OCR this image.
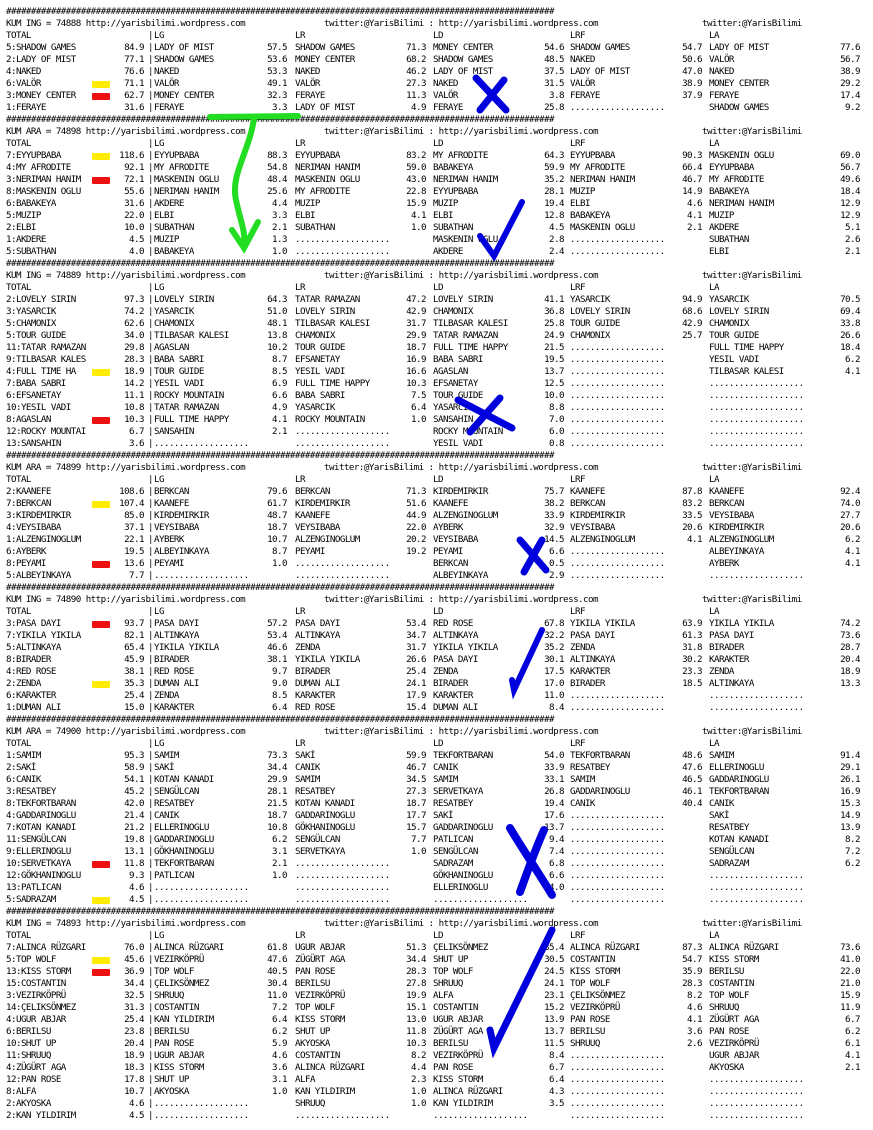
##############################################################################################################
KUM ING = 74888 http://yarisbilimi.wordpress.com	twitter:@YarisBilimi : http://yarisbilimi.wordpress.com	twitter:@YarisBilimi
TOTAL	LG	LR	LD	LRF	LA
|
5:SHADOW GAMES	84.9 LADY OF MIST	57.5 SHADOW GAMES	71.3 MONEY CENTER	54.6 SHADOW GAMES	54.7 LADY OF MIST	77.6
|
2:LADY OF MIST	77.1 SHADOW GAMES	53.6 MONEY CENTER	68.2 SHADOW GAMES	48.5 NAKED	50.6 VALÖR	56.7
|
4:NAKED	76.6 NAKED	53.3 NAKED	46.2 LADY OF MIST	37.5 LADY OF MIST	47.0 NAKED	38.9
|
6:VALÖR	71.1 VALÖR	49.1 VALÖR	27.3 NAKED	31.5 VALÖR	38.9 MONEY CENTER	29.2
|
3:MONEY CENTER	62.7 MONEY CENTER	32.3 FERAYE	11.3 VALÖR	3.8 FERAYE	37.9 FERAYE	17.4
|
1:FERAYE	31.6 FERAYE	3.3 LADY OF MIST	4.9 FERAYE	25.8 ...................	SHADOW GAMES	9.2
|
##############################################################################################################
KUM ARA = 74898 http://yarisbilimi.wordpress.com	twitter:@YarisBilimi : http://yarisbilimi.wordpress.com	twitter:@YarisBilimi
TOTAL	LG	LR	LD	LRF	LA
|
7:EYYUPBABA	118.6 EYYUPBABA	88.3 EYYUPBABA	83.2 MY AFRODITE	64.3 EYYUPBABA	90.3 MASKENIN OGLU	69.0
|
4:MY AFRODITE	92.1 MY AFRODITE	54.8 NERIMAN HANIM	59.0 BABAKEYA	59.9 MY AFRODITE	66.4 EYYUPBABA	56.7
|
3:NERIMAN HANIM	72.1 MASKENIN OGLU	48.4 MASKENIN OGLU	43.0 NERIMAN HANIM	35.2 NERIMAN HANIM	46.7 MY AFRODITE	49.6
|
8:MASKENIN OGLU	55.6 NERIMAN HANIM	25.6 MY AFRODITE	22.8 EYYUPBABA	28.1 MUZIP	14.9 BABAKEYA	18.4
|
6:BABAKEYA	31.6 AKDERE	4.4 MUZIP	15.9 MUZIP	19.4 ELBI	4.6 NERIMAN HANIM	12.9
|
5:MUZIP	22.0 ELBI	3.3 ELBI	4.1 ELBI	12.8 BABAKEYA	4.1 MUZIP	12.9
|
2:ELBI	10.0 SUBATHAN	2.1 SUBATHAN	1.0 SUBATHAN	4.5 MASKENIN OGLU	2.1 AKDERE	5.1
|
1:AKDERE	4.5 MUZIP	1.3 ...................	MASKENIN OGLU	2.8 ...................	SUBATHAN	2.6
|
5:SUBATHAN	4.0 BABAKEYA	1.0 ...................	AKDERE	2.4 ...................	ELBI	2.1
|
##############################################################################################################
KUM ING = 74889 http://yarisbilimi.wordpress.com	twitter:@YarisBilimi : http://yarisbilimi.wordpress.com	twitter:@YarisBilimi
TOTAL	LG	LR	LD	LRF	LA
|
2:LOVELY SIRIN	97.3 LOVELY SIRIN	64.3 TATAR RAMAZAN	47.2 LOVELY SIRIN	41.1 YASARCIK	94.9 YASARCIK	70.5
|
3:YASARCIK	74.2 YASARCIK	51.0 LOVELY SIRIN	42.9 CHAMONIX	36.8 LOVELY SIRIN	68.6 LOVELY SIRIN	69.4
|
5:CHAMONIX	62.6 CHAMONIX	48.1 TILBASAR KALESI	31.7 TILBASAR KALESI	25.8 TOUR GUIDE	42.9 CHAMONIX	33.8
|
5:TOUR GUIDE	34.0 TILBASAR KALESI	13.8 CHAMONIX	29.9 TATAR RAMAZAN	24.9 CHAMONIX	25.7 TOUR GUIDE	26.6
|
11:TATAR RAMAZAN	29.8 AGASLAN	10.2 TOUR GUIDE	18.7 FULL TIME HAPPY	21.5 ...................	FULL TIME HAPPY	18.4
|
9:TILBASAR KALES	28.3 BABA SABRI	8.7 EFSANETAY	16.9 BABA SABRI	19.5 ...................	YESIL VADI	6.2
|
4:FULL TIME HA	18.9 TOUR GUIDE	8.5 YESIL VADI	16.6 AGASLAN	13.7 ...................	TILBASAR KALESI	4.1
|
7:BABA SABRI	14.2 YESIL VADI	6.9 FULL TIME HAPPY	10.3 EFSANETAY	12.5 ...................	...................
|
6:EFSANETAY	11.1 ROCKY MOUNTAIN	6.6 BABA SABRI	7.5 TOUR GUIDE	10.0 ...................	...................
|
10:YESIL VADI	10.8 TATAR RAMAZAN	4.9 YASARCIK	6.4 YASARCIK	8.8 ...................	...................
|
8:AGASLAN	10.3 FULL TIME HAPPY	4.1 ROCKY MOUNTAIN	1.0 SANSAHIN	7.0 ...................	...................
|
12:ROCKY MOUNTAI	6.7 SANSAHIN	2.1 ...................	ROCKY MOUNTAIN	6.0 ...................	...................
|
13:SANSAHIN	3.6 ...................	...................	YESIL VADI	0.8 ...................	...................
|
##############################################################################################################
KUM ARA = 74899 http://yarisbilimi.wordpress.com	twitter:@YarisBilimi : http://yarisbilimi.wordpress.com	twitter:@YarisBilimi
TOTAL	LG	LR	LD	LRF	LA
|
2:KAANEFE	108.6 BERKCAN	79.6 BERKCAN	71.3 KIRDEMIRKIR	75.7 KAANEFE	87.8 KAANEFE	92.4
|
7:BERKCAN	107.4 KAANEFE	61.7 KIRDEMIRKIR	51.6 KAANEFE	38.2 BERKCAN	83.2 BERKCAN	74.0
|
3:KIRDEMIRKIR	85.0 KIRDEMIRKIR	48.7 KAANEFE	44.9 ALZENGINOGLUM	33.9 KIRDEMIRKIR	33.5 VEYSIBABA	27.7
|
4:VEYSIBABA	37.1 VEYSIBABA	18.7 VEYSIBABA	22.0 AYBERK	32.9 VEYSIBABA	20.6 KIRDEMIRKIR	20.6
|
1:ALZENGINOGLUM	22.1 AYBERK	10.7 ALZENGINOGLUM	20.2 VEYSIBABA	14.5 ALZENGINOGLUM	4.1 ALZENGINOGLUM	6.2
|
6:AYBERK	19.5 ALBEYINKAYA	8.7 PEYAMI	19.2 PEYAMI	6.6 ...................	ALBEYINKAYA	4.1
|
8:PEYAMI	13.6 PEYAMI	1.0 ...................	BERKCAN	0.5 ...................	AYBERK	4.1
|
5:ALBEYINKAYA	7.7 ...................	...................	ALBEYINKAYA	2.9 ...................	...................
|
##############################################################################################################
KUM ING = 74890 http://yarisbilimi.wordpress.com	twitter:@YarisBilimi : http://yarisbilimi.wordpress.com	twitter:@YarisBilimi
TOTAL	LG	LR	LD	LRF	LA
|
3:PASA DAYI	93.7 PASA DAYI	57.2 PASA DAYI	53.4 RED ROSE	67.8 YIKILA YIKILA	63.9 YIKILA YIKILA	74.2
|
7:YIKILA YIKILA	82.1 ALTINKAYA	53.4 ALTINKAYA	34.7 ALTINKAYA	32.2 PASA DAYI	61.3 PASA DAYI	73.6
|
5:ALTINKAYA	65.4 YIKILA YIKILA	46.6 ZENDA	31.7 YIKILA YIKILA	35.2 ZENDA	31.8 BIRADER	28.7
|
8:BIRADER	45.9 BIRADER	38.1 YIKILA YIKILA	26.6 PASA DAYI	30.1 ALTINKAYA	30.2 KARAKTER	20.4
|
4:RED ROSE	38.1 RED ROSE	9.7 BIRADER	25.4 ZENDA	17.5 KARAKTER	23.3 ZENDA	18.9
|
2:ZENDA	35.3 DUMAN ALI	9.0 DUMAN ALI	24.1 BIRADER	17.0 BIRADER	18.5 ALTINKAYA	13.3
|
6:KARAKTER	25.4 ZENDA	8.5 KARAKTER	17.9 KARAKTER	11.0 ...................	...................
|
1:DUMAN ALI	15.0 KARAKTER	6.4 RED ROSE	15.4 DUMAN ALI	8.4 ...................	...................
|
##############################################################################################################
KUM ARA = 74900 http://yarisbilimi.wordpress.com	twitter:@YarisBilimi : http://yarisbilimi.wordpress.com	twitter:@YarisBilimi
TOTAL	LG	LR	LD	LRF	LA
|
1:SAMIM	95.3 SAMIM	73.3 SAKİ	59.9 TEKFORTBARAN	54.0 TEKFORTBARAN	48.6 SAMIM	91.4
|
2:SAKİ	58.9 SAKİ	34.4 CANIK	46.7 CANIK	33.9 RESATBEY	47.6 ELLERINOGLU	29.1
|
6:CANIK	54.1 KOTAN KANADI	29.9 SAMIM	34.5 SAMIM	33.1 SAMIM	46.5 GADDARINOGLU	26.1
|
3:RESATBEY	45.2 SENGÜLCAN	28.1 RESATBEY	27.3 SERVETKAYA	26.8 GADDARINOGLU	46.1 TEKFORTBARAN	16.9
|
8:TEKFORTBARAN	42.0 RESATBEY	21.5 KOTAN KANADI	18.7 RESATBEY	19.4 CANIK	40.4 CANIK	15.3
|
4:GADDARINOGLU	21.4 CANIK	18.7 GADDARINOGLU	17.7 SAKİ	17.6 ...................	SAKİ	14.9
|
7:KOTAN KANADI	21.2 ELLERINOGLU	10.8 GÖKHANINOGLU	15.7 GADDARINOGLU	13.7 ...................	RESATBEY	13.9
|
11:SENGÜLCAN	19.8 GADDARINOGLU	6.2 SENGÜLCAN	7.7 PATLICAN	9.4 ...................	KOTAN KANADI	8.2
|
9:ELLERINOGLU	13.1 GÖKHANINOGLU	3.1 SERVETKAYA	1.0 SENGÜLCAN	7.4 ...................	SENGÜLCAN	7.2
|
10:SERVETKAYA	11.8 TEKFORTBARAN	2.1 ...................	SADRAZAM	6.8 ...................	SADRAZAM	6.2
|
12:GÖKHANINOGLU	9.3 PATLICAN	1.0 ...................	GÖKHANINOGLU	6.6 ...................	...................
|
13:PATLICAN	4.6 ...................	...................	ELLERINOGLU	4.0 ...................	...................
|
5:SADRAZAM	4.5 ...................	...................	...................	...................	...................
|
##############################################################################################################
KUM ING = 74893 http://yarisbilimi.wordpress.com	twitter:@YarisBilimi : http://yarisbilimi.wordpress.com	twitter:@YarisBilimi
TOTAL	LG	LR	LD	LRF	LA
|
7:ALINCA RÜZGARI	76.0 ALINCA RÜZGARI	61.8 UGUR ABJAR	51.3 ÇELIKSÖNMEZ	35.4 ALINCA RÜZGARI	87.3 ALINCA RÜZGARI	73.6
|
5:TOP WOLF	45.6 VEZIRKÖPRÜ	47.6 ZÜGÜRT AGA	34.4 SHUT UP	30.5 COSTANTIN	54.7 KISS STORM	41.0
|
13:KISS STORM	36.9 TOP WOLF	40.5 PAN ROSE	28.3 TOP WOLF	24.5 KISS STORM	35.9 BERILSU	22.0
|
15:COSTANTIN	34.4 ÇELIKSÖNMEZ	30.4 BERILSU	27.8 SHRUUQ	24.1 TOP WOLF	28.3 COSTANTIN	21.0
|
3:VEZIRKÖPRÜ	32.5 SHRUUQ	11.0 VEZIRKÖPRÜ	19.9 ALFA	23.1 ÇELIKSÖNMEZ	8.2 TOP WOLF	15.9
|
14:ÇELIKSÖNMEZ	31.3 COSTANTIN	7.2 TOP WOLF	15.1 COSTANTIN	15.2 VEZIRKÖPRÜ	4.6 SHRUUQ	11.9
|
4:UGUR ABJAR	25.4 KAN YILDIRIM	6.4 KISS STORM	13.0 UGUR ABJAR	13.9 PAN ROSE	4.1 ZÜGÜRT AGA	6.7
|
6:BERILSU	23.8 BERILSU	6.2 SHUT UP	11.8 ZÜGÜRT AGA	13.7 BERILSU	3.6 PAN ROSE	6.2
|
10:SHUT UP	20.4 PAN ROSE	5.9 AKYOSKA	10.3 BERILSU	11.5 SHRUUQ	2.6 VEZIRKÖPRÜ	6.1
|
11:SHRUUQ	18.9 UGUR ABJAR	4.6 COSTANTIN	8.2 VEZIRKÖPRÜ	8.4 ...................	UGUR ABJAR	4.1
|
4:ZÜGÜRT AGA	18.3 KISS STORM	3.6 ALINCA RÜZGARI	4.4 PAN ROSE	6.7 ...................	AKYOSKA	2.1
|
12:PAN ROSE	17.8 SHUT UP	3.1 ALFA	2.3 KISS STORM	6.4 ...................	...................
|
8:ALFA	10.7 AKYOSKA	1.0 KAN YILDIRIM	1.0 ALINCA RÜZGARI	4.3 ...................	...................
|
2:AKYOSKA	4.6 ...................	SHRUUQ	1.0 KAN YILDIRIM	3.5 ...................	...................
|
2:KAN YILDIRIM	4.5 ...................	...................	...................	...................	...................
|
